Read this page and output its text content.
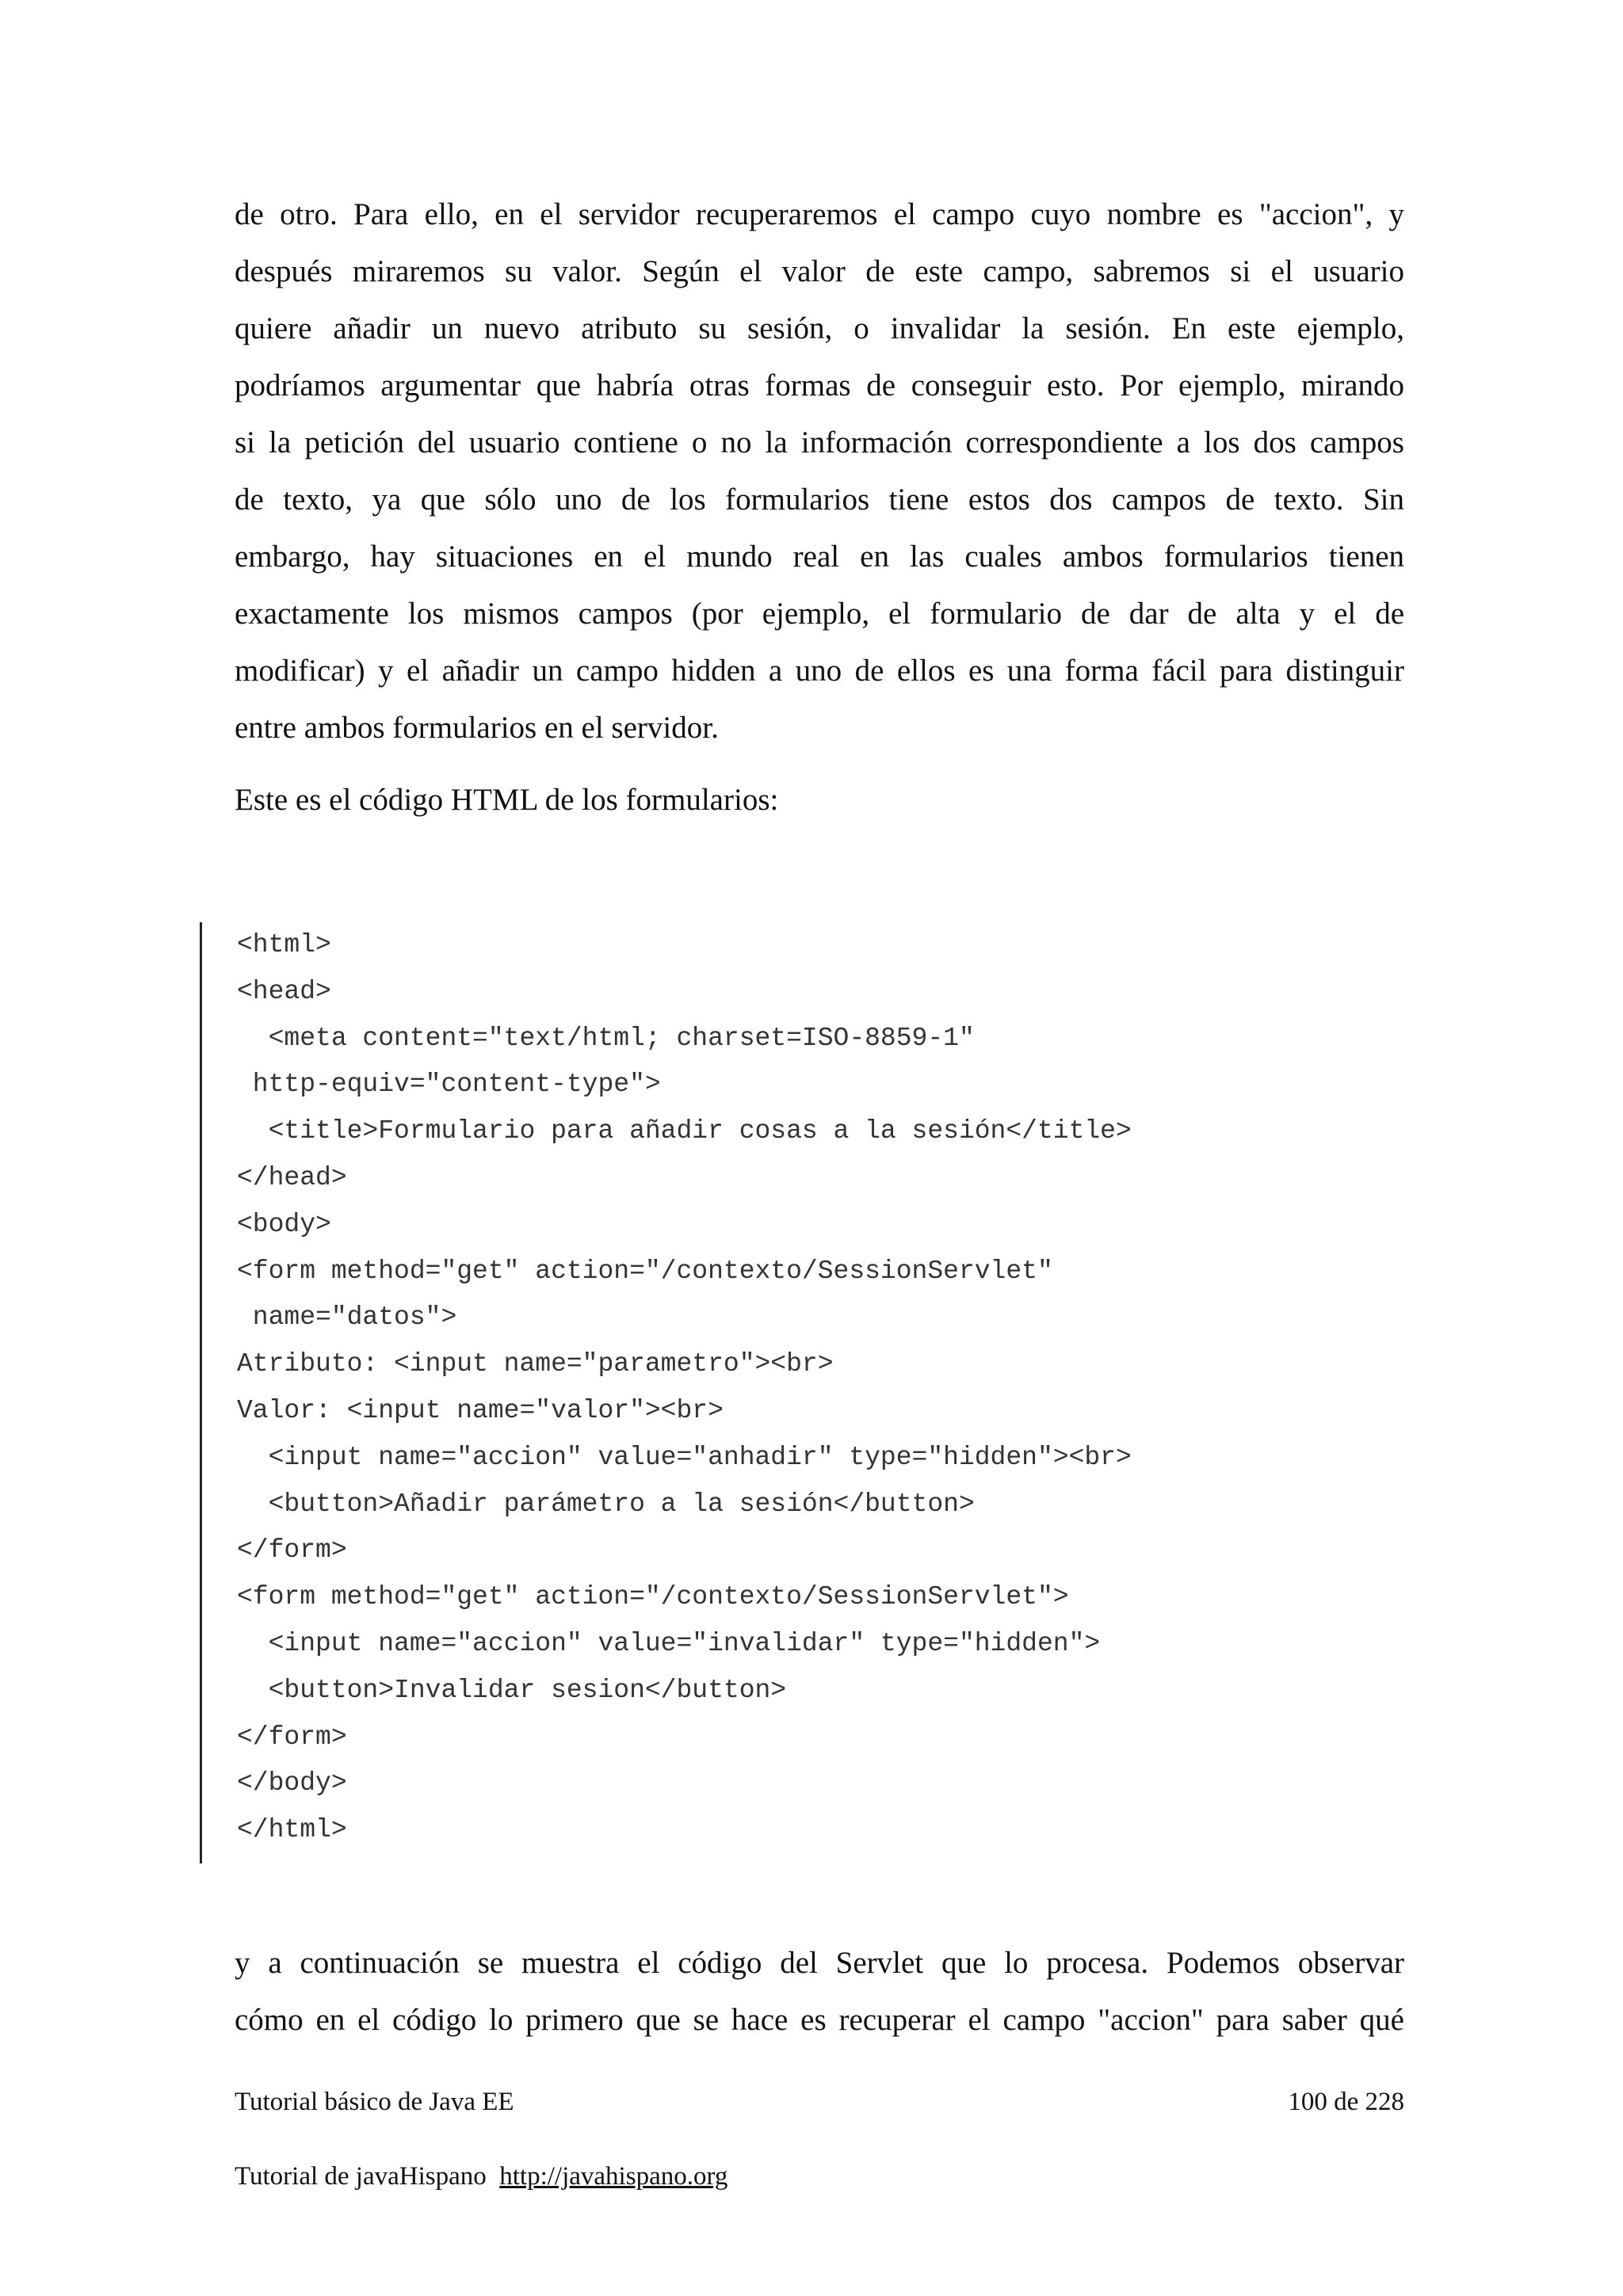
de otro. Para ello, en el servidor recuperaremos el campo cuyo nombre es "accion", y
después miraremos su valor. Según el valor de este campo, sabremos si el usuario
quiere añadir un nuevo atributo su sesión, o invalidar la sesión. En este ejemplo,
podríamos argumentar que habría otras formas de conseguir esto. Por ejemplo, mirando
si la petición del usuario contiene o no la información correspondiente a los dos campos
de texto, ya que sólo uno de los formularios tiene estos dos campos de texto. Sin
embargo, hay situaciones en el mundo real en las cuales ambos formularios tienen
exactamente los mismos campos (por ejemplo, el formulario de dar de alta y el de
modificar) y el añadir un campo hidden a uno de ellos es una forma fácil para distinguir
entre ambos formularios en el servidor.
Este es el código HTML de los formularios:
<html>
<head>
<meta content="text/html; charset=ISO-8859-1"
http-equiv="content-type">
<title>Formulario para añadir cosas a la sesión</title>
</head>
<body>
<form method="get" action="/contexto/SessionServlet"
name="datos">
Atributo: <input name="parametro"><br>
Valor: <input name="valor"><br>
<input name="accion" value="anhadir" type="hidden"><br>
<button>Añadir parámetro a la sesión</button>
</form>
<form method="get" action="/contexto/SessionServlet">
<input name="accion" value="invalidar" type="hidden">
<button>Invalidar sesion</button>
</form>
</body>
</html>
y a continuación se muestra el código del Servlet que lo procesa. Podemos observar
cómo en el código lo primero que se hace es recuperar el campo "accion" para saber qué
Tutorial básico de Java EE	100 de 228
Tutorial de javaHispano http://javahispano.org
